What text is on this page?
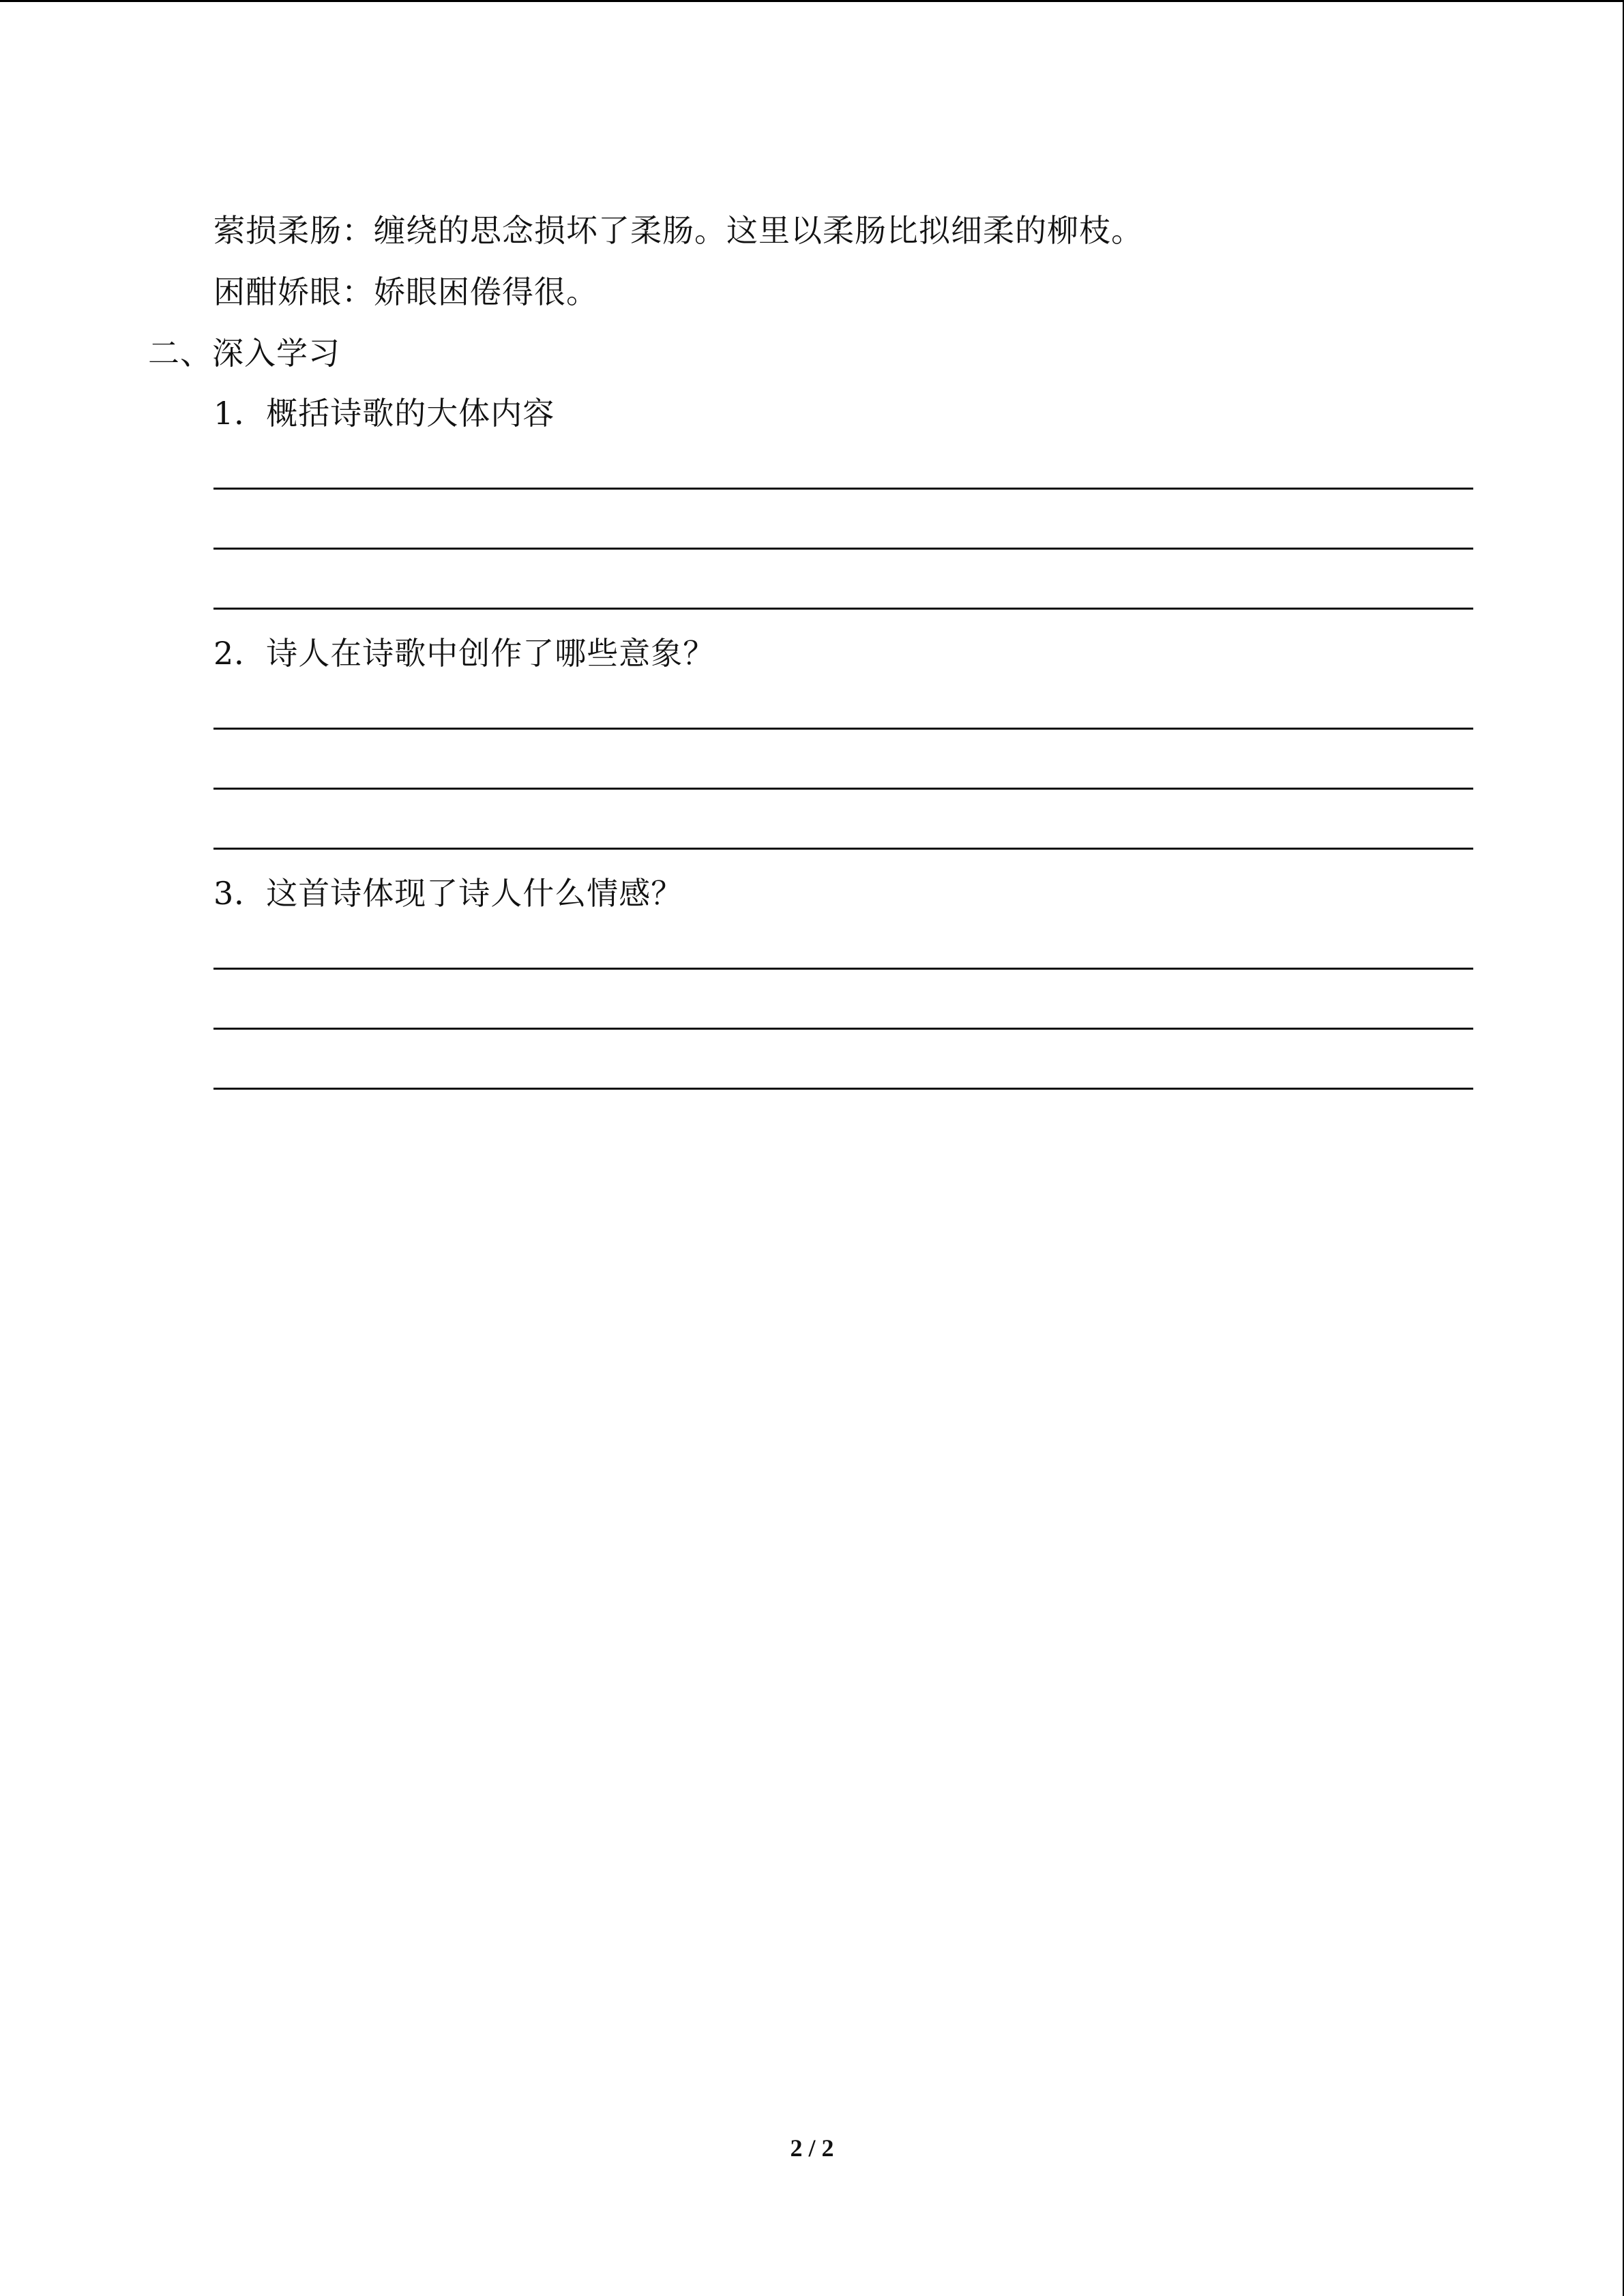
萦损柔肠：缠绕的思念损坏了柔肠。这里以柔肠比拟细柔的柳枝。
困酣娇眼：娇眼困倦得很。
二、深入学习
1．概括诗歌的大体内容
2．诗人在诗歌中创作了哪些意象？
3．这首诗体现了诗人什么情感？
2 / 2
